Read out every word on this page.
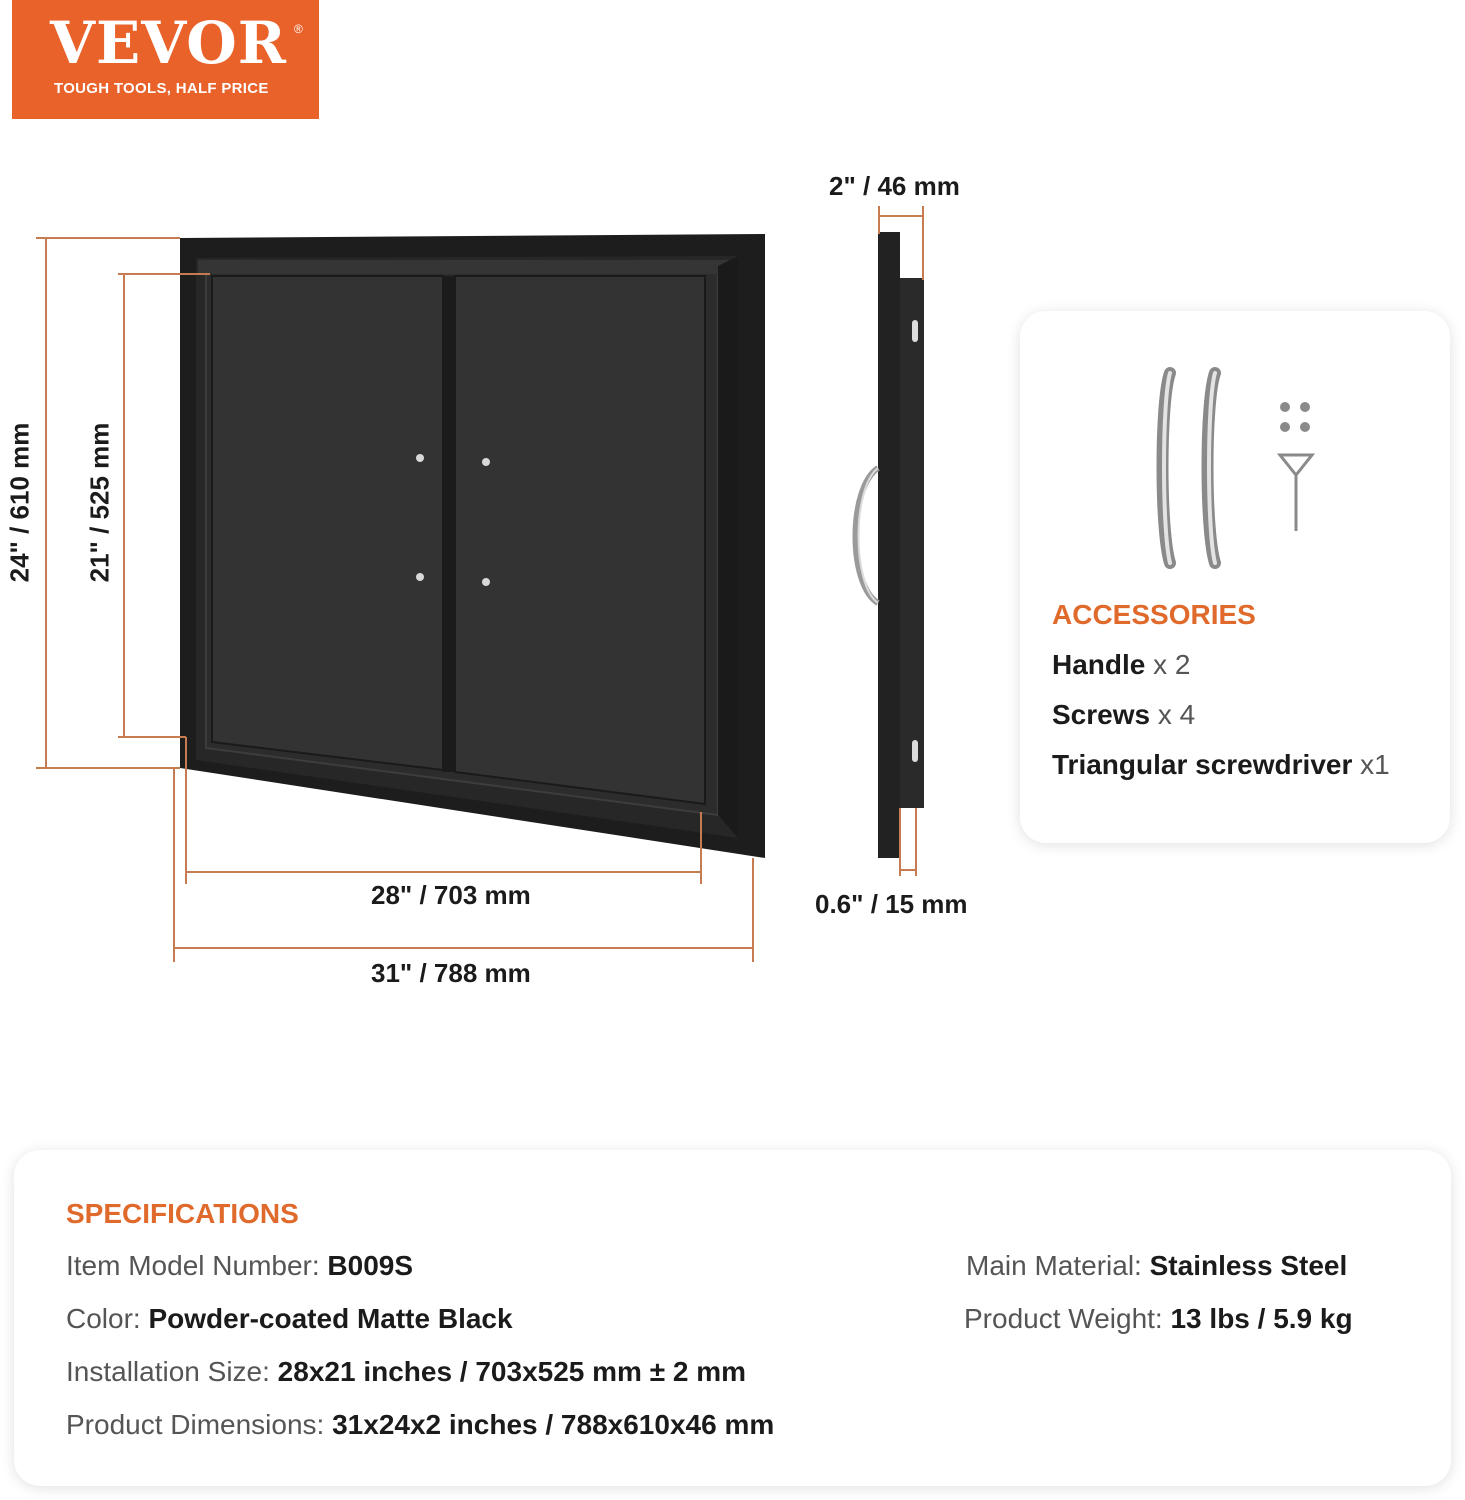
VEVOR ®
TOUGH TOOLS, HALF PRICE
24" / 610 mm 21" / 525 mm
28" / 703 mm
31" / 788 mm
2" / 46 mm
0.6" / 15 mm
ACCESSORIES
Handle x 2
Screws x 4
Triangular screwdriver x1
SPECIFICATIONS
Item Model Number: B009S
Color: Powder-coated Matte Black
Installation Size: 28x21 inches / 703x525 mm ± 2 mm
Product Dimensions: 31x24x2 inches / 788x610x46 mm
Main Material: Stainless Steel
Product Weight: 13 lbs / 5.9 kg
